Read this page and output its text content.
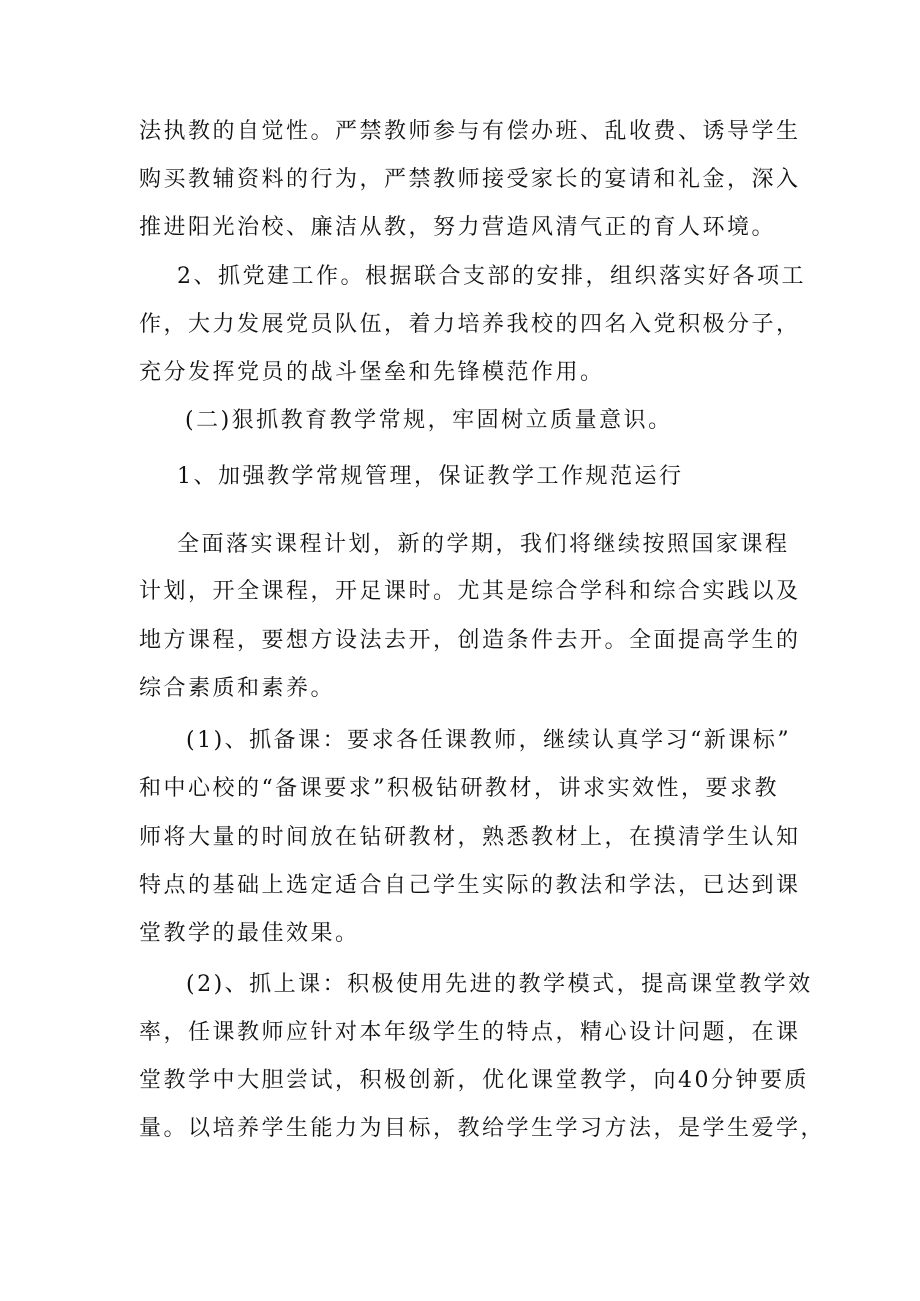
法执教的自觉性。严禁教师参与有偿办班、乱收费、诱导学生

购买教辅资料的行为，严禁教师接受家长的宴请和礼金，深入

推进阳光治校、廉洁从教，努力营造风清气正的育人环境。

2、抓党建工作。根据联合支部的安排，组织落实好各项工

作，大力发展党员队伍，着力培养我校的四名入党积极分子，

充分发挥党员的战斗堡垒和先锋模范作用。

(二)狠抓教育教学常规，牢固树立质量意识。

1、加强教学常规管理，保证教学工作规范运行

全面落实课程计划，新的学期，我们将继续按照国家课程

计划，开全课程，开足课时。尤其是综合学科和综合实践以及

地方课程，要想方设法去开，创造条件去开。全面提高学生的

综合素质和素养。

(1)、抓备课：要求各任课教师，继续认真学习“新课标”

和中心校的“备课要求”积极钻研教材，讲求实效性，要求教

师将大量的时间放在钻研教材，熟悉教材上，在摸清学生认知

特点的基础上选定适合自己学生实际的教法和学法，已达到课

堂教学的最佳效果。

(2)、抓上课：积极使用先进的教学模式，提高课堂教学效

率，任课教师应针对本年级学生的特点，精心设计问题，在课

堂教学中大胆尝试，积极创新，优化课堂教学，向40分钟要质

量。以培养学生能力为目标，教给学生学习方法，是学生爱学，
